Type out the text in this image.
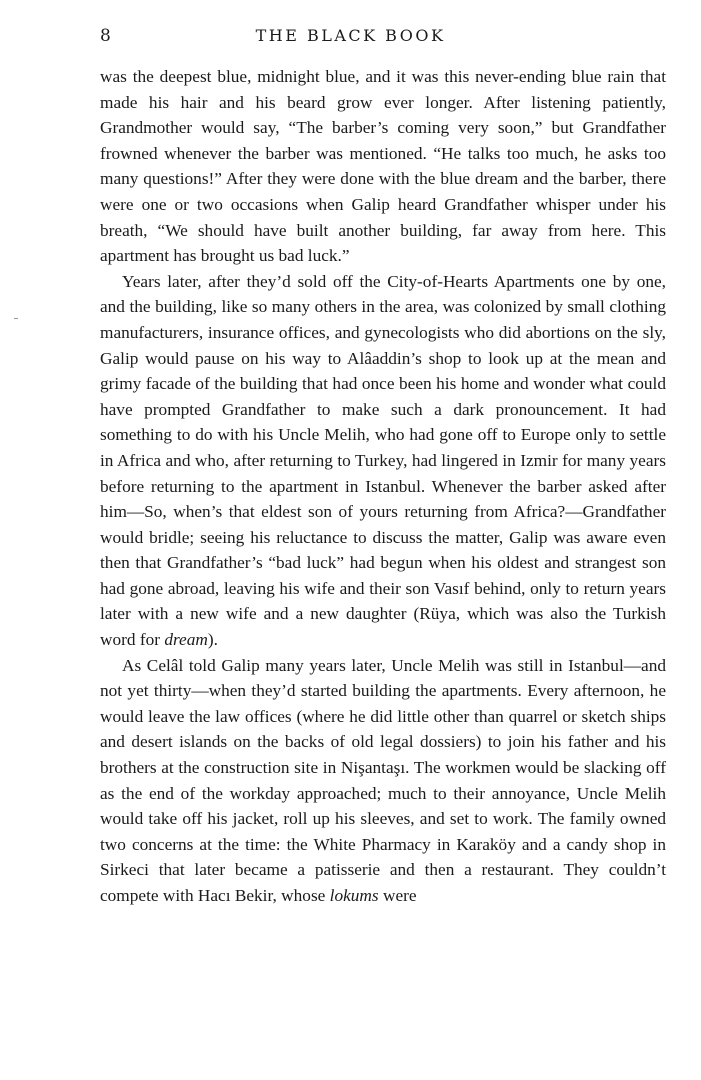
8	THE BLACK BOOK

was the deepest blue, midnight blue, and it was this never-ending blue rain that made his hair and his beard grow ever longer. After listening patiently, Grandmother would say, “The barber’s coming very soon,” but Grandfather frowned whenever the barber was mentioned. “He talks too much, he asks too many questions!” After they were done with the blue dream and the barber, there were one or two occasions when Galip heard Grandfather whisper under his breath, “We should have built another building, far away from here. This apartment has brought us bad luck.”

Years later, after they’d sold off the City-of-Hearts Apartments one by one, and the building, like so many others in the area, was colonized by small clothing manufacturers, insurance offices, and gynecologists who did abortions on the sly, Galip would pause on his way to Alâaddin’s shop to look up at the mean and grimy facade of the building that had once been his home and wonder what could have prompted Grandfather to make such a dark pronouncement. It had something to do with his Uncle Melih, who had gone off to Europe only to settle in Africa and who, after returning to Turkey, had lingered in Izmir for many years before returning to the apartment in Istanbul. Whenever the barber asked after him—So, when’s that eldest son of yours returning from Africa?—Grandfather would bridle; seeing his reluctance to discuss the matter, Galip was aware even then that Grandfather’s “bad luck” had begun when his oldest and strangest son had gone abroad, leaving his wife and their son Vasıf behind, only to return years later with a new wife and a new daughter (Rüya, which was also the Turkish word for dream).

As Celâl told Galip many years later, Uncle Melih was still in Istanbul—and not yet thirty—when they’d started building the apartments. Every afternoon, he would leave the law offices (where he did little other than quarrel or sketch ships and desert islands on the backs of old legal dossiers) to join his father and his brothers at the construction site in Nişantaşı. The workmen would be slacking off as the end of the workday approached; much to their annoyance, Uncle Melih would take off his jacket, roll up his sleeves, and set to work. The family owned two concerns at the time: the White Pharmacy in Karaköy and a candy shop in Sirkeci that later became a patisserie and then a restaurant. They couldn’t compete with Hacı Bekir, whose lokums were
